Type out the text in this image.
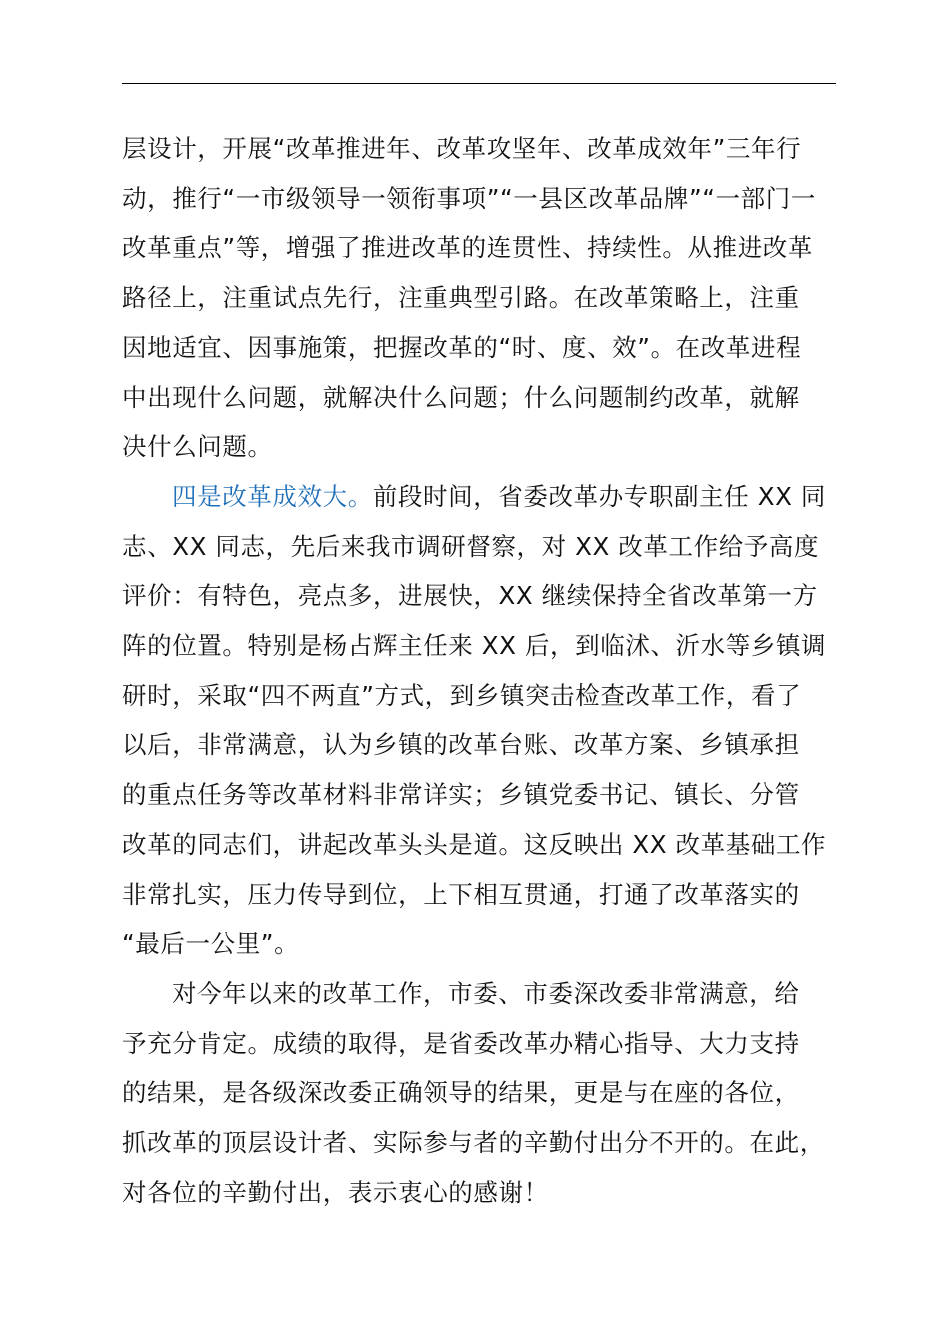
层设计，开展“改革推进年、改革攻坚年、改革成效年”三年行
动，推行“一市级领导一领衔事项”“一县区改革品牌”“一部门一
改革重点”等，增强了推进改革的连贯性、持续性。从推进改革
路径上，注重试点先行，注重典型引路。在改革策略上，注重
因地适宜、因事施策，把握改革的“时、度、效”。在改革进程
中出现什么问题，就解决什么问题；什么问题制约改革，就解
决什么问题。

四是改革成效大。前段时间，省委改革办专职副主任 XX 同
志、XX 同志，先后来我市调研督察，对 XX 改革工作给予高度
评价：有特色，亮点多，进展快，XX 继续保持全省改革第一方
阵的位置。特别是杨占辉主任来 XX 后，到临沭、沂水等乡镇调
研时，采取“四不两直”方式，到乡镇突击检查改革工作，看了
以后，非常满意，认为乡镇的改革台账、改革方案、乡镇承担
的重点任务等改革材料非常详实；乡镇党委书记、镇长、分管
改革的同志们，讲起改革头头是道。这反映出 XX 改革基础工作
非常扎实，压力传导到位，上下相互贯通，打通了改革落实的
“最后一公里”。

对今年以来的改革工作，市委、市委深改委非常满意，给
予充分肯定。成绩的取得，是省委改革办精心指导、大力支持
的结果，是各级深改委正确领导的结果，更是与在座的各位，
抓改革的顶层设计者、实际参与者的辛勤付出分不开的。在此，
对各位的辛勤付出，表示衷心的感谢！
